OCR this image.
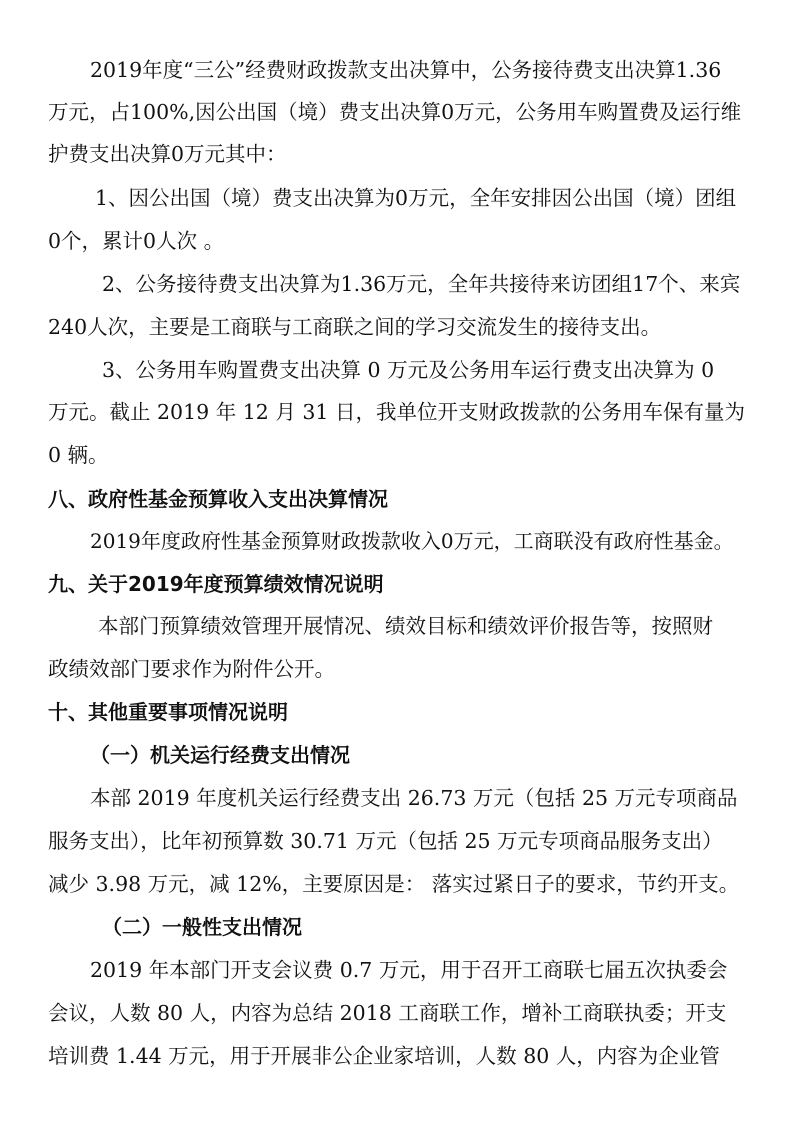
2019年度“三公”经费财政拨款支出决算中，公务接待费支出决算1.36
万元，占100%,因公出国（境）费支出决算0万元，公务用车购置费及运行维
护费支出决算0万元其中：
1、因公出国（境）费支出决算为0万元，全年安排因公出国（境）团组
0个，累计0人次 。
2、公务接待费支出决算为1.36万元，全年共接待来访团组17个、来宾
240人次，主要是工商联与工商联之间的学习交流发生的接待支出。
3、公务用车购置费支出决算 0 万元及公务用车运行费支出决算为 0
万元。截止 2019 年 12 月 31 日，我单位开支财政拨款的公务用车保有量为
0 辆。
八、政府性基金预算收入支出决算情况
2019年度政府性基金预算财政拨款收入0万元，工商联没有政府性基金。
九、关于2019年度预算绩效情况说明
本部门预算绩效管理开展情况、绩效目标和绩效评价报告等，按照财
政绩效部门要求作为附件公开。
十、其他重要事项情况说明
（一）机关运行经费支出情况
本部 2019 年度机关运行经费支出 26.73 万元（包括 25 万元专项商品
服务支出），比年初预算数 30.71 万元（包括 25 万元专项商品服务支出）
减少 3.98 万元，减 12%，主要原因是： 落实过紧日子的要求，节约开支。
（二）一般性支出情况
2019 年本部门开支会议费 0.7 万元，用于召开工商联七届五次执委会
会议，人数 80 人，内容为总结 2018 工商联工作，增补工商联执委；开支
培训费 1.44 万元，用于开展非公企业家培训，人数 80 人，内容为企业管
